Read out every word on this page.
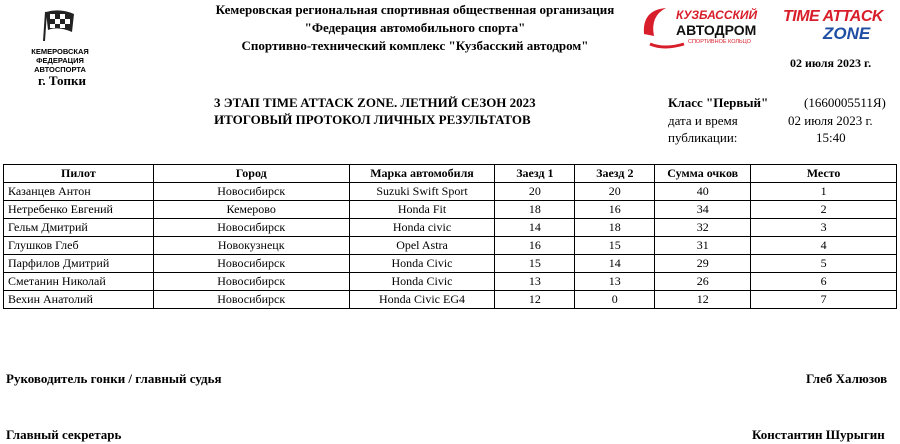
КЕМЕРОВСКАЯ
ФЕДЕРАЦИЯ АВТОСПОРТА
Кемеровская региональная спортивная общественная организация
"Федерация автомобильного спорта"
Спортивно-технический комплекс "Кузбасский автодром"
КУЗБАССКИЙ
АВТОДРОМ
СПОРТИВНОЕ КОЛЬЦО
TIME ATTACK
ZONE
02 июля 2023 г.
г. Топки
3 ЭТАП TIME ATTACK ZONE. ЛЕТНИЙ СЕЗОН 2023
ИТОГОВЫЙ ПРОТОКОЛ ЛИЧНЫХ РЕЗУЛЬТАТОВ
Класс "Первый"	(1660005511Я)
дата и время	02 июля 2023 г.
публикации:	15:40
Пилот	Город	Марка автомобиля	Заезд 1	Заезд 2	Сумма очков	Место
Казанцев Антон	Новосибирск	Suzuki Swift Sport	20	20	40	1
Нетребенко Евгений	Кемерово	Honda Fit	18	16	34	2
Гельм Дмитрий	Новосибирск	Honda civic	14	18	32	3
Глушков Глеб	Новокузнецк	Opel Astra	16	15	31	4
Парфилов Дмитрий	Новосибирск	Honda Civic	15	14	29	5
Сметанин Николай	Новосибирск	Honda Civic	13	13	26	6
Вехин Анатолий	Новосибирск	Honda Civic EG4	12	0	12	7
Руководитель гонки / главный судья	Глеб Халюзов
Главный секретарь	Константин Шурыгин
